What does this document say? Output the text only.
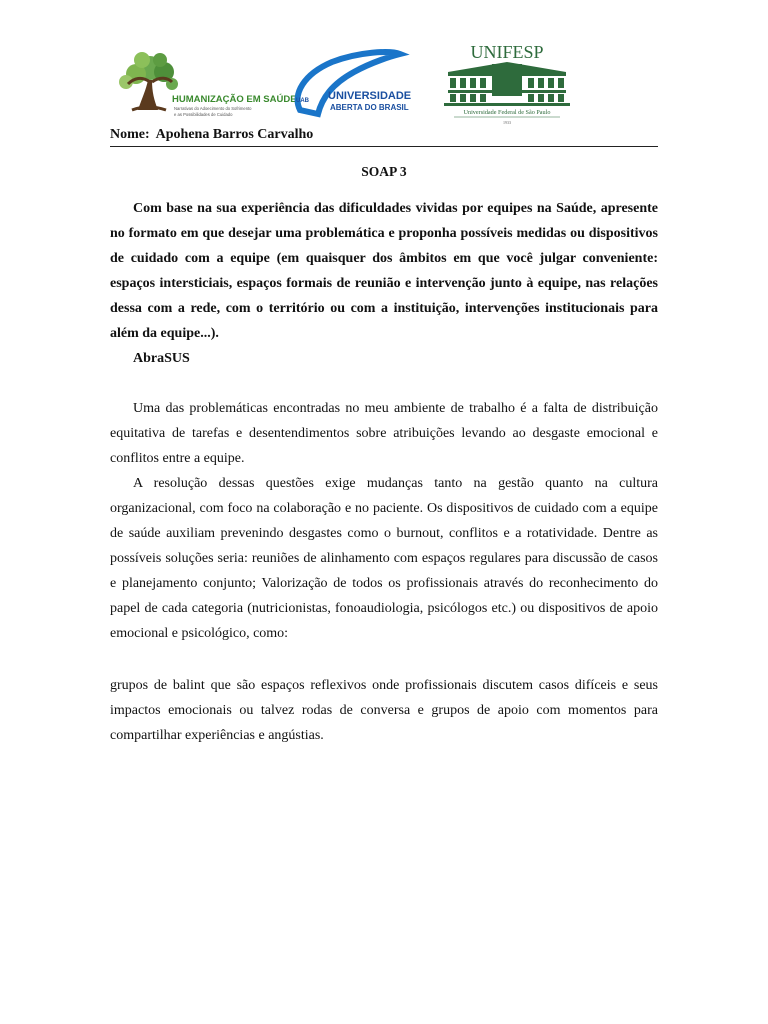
HUMANIZAÇÃO EM SAÚDE
Narrativas do Adoecimento do Sofrimento
e as Possibilidades de Cuidado
UAB UNIVERSIDADE
ABERTA DO BRASIL
UNIFESP
Universidade Federal de São Paulo
1933
Nome: Apohena Barros Carvalho
SOAP 3

Com base na sua experiência das dificuldades vividas por equipes na Saúde, apresente no formato em que desejar uma problemática e proponha possíveis medidas ou dispositivos de cuidado com a equipe (em quaisquer dos âmbitos em que você julgar conveniente: espaços intersticiais, espaços formais de reunião e intervenção junto à equipe, nas relações dessa com a rede, com o território ou com a instituição, intervenções institucionais para além da equipe...).

AbraSUS

Uma das problemáticas encontradas no meu ambiente de trabalho é a falta de distribuição equitativa de tarefas e desentendimentos sobre atribuições levando ao desgaste emocional e conflitos entre a equipe.

A resolução dessas questões exige mudanças tanto na gestão quanto na cultura organizacional, com foco na colaboração e no paciente. Os dispositivos de cuidado com a equipe de saúde auxiliam prevenindo desgastes como o burnout, conflitos e a rotatividade. Dentre as possíveis soluções seria: reuniões de alinhamento com espaços regulares para discussão de casos e planejamento conjunto; Valorização de todos os profissionais através do reconhecimento do papel de cada categoria (nutricionistas, fonoaudiologia, psicólogos etc.) ou dispositivos de apoio emocional e psicológico, como:

grupos de balint que são espaços reflexivos onde profissionais discutem casos difíceis e seus impactos emocionais ou talvez rodas de conversa e grupos de apoio com momentos para compartilhar experiências e angústias.
